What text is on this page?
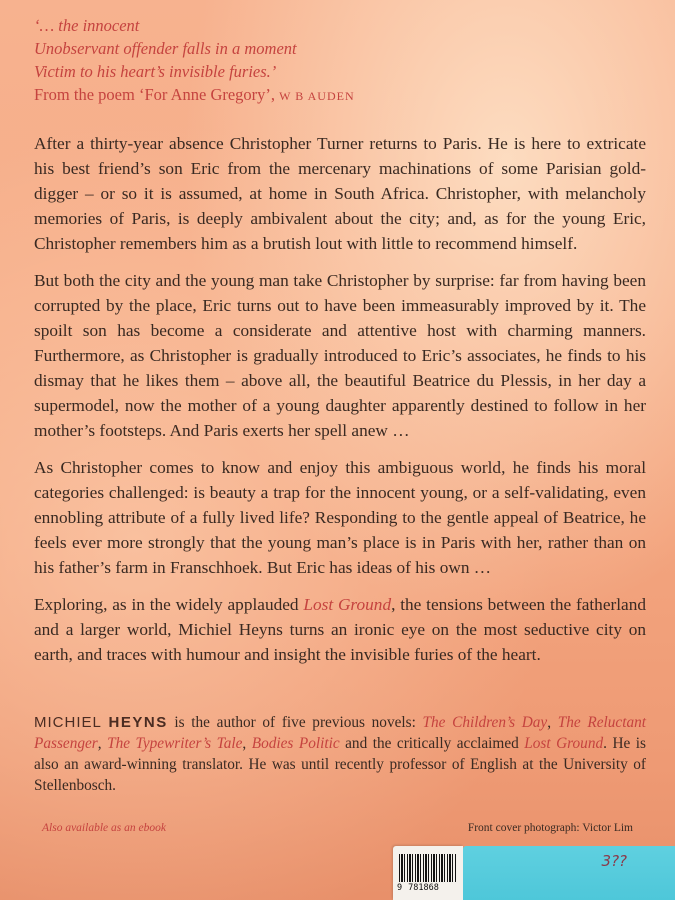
‘… the innocent
Unobservant offender falls in a moment
Victim to his heart’s invisible furies.’
From the poem ‘For Anne Gregory’, W B AUDEN

After a thirty-year absence Christopher Turner returns to Paris. He is here to extricate his best friend’s son Eric from the mercenary machinations of some Parisian gold-digger – or so it is assumed, at home in South Africa. Christopher, with melancholy memories of Paris, is deeply ambivalent about the city; and, as for the young Eric, Christopher remembers him as a brutish lout with little to recommend himself.

But both the city and the young man take Christopher by surprise: far from having been corrupted by the place, Eric turns out to have been immeasurably improved by it. The spoilt son has become a considerate and attentive host with charming manners. Furthermore, as Christopher is gradually introduced to Eric’s associates, he finds to his dismay that he likes them – above all, the beautiful Beatrice du Plessis, in her day a supermodel, now the mother of a young daughter apparently destined to follow in her mother’s footsteps. And Paris exerts her spell anew …

As Christopher comes to know and enjoy this ambiguous world, he finds his moral categories challenged: is beauty a trap for the innocent young, or a self-validating, even ennobling attribute of a fully lived life? Responding to the gentle appeal of Beatrice, he feels ever more strongly that the young man’s place is in Paris with her, rather than on his father’s farm in Franschhoek. But Eric has ideas of his own …

Exploring, as in the widely applauded Lost Ground, the tensions between the fatherland and a larger world, Michiel Heyns turns an ironic eye on the most seductive city on earth, and traces with humour and insight the invisible furies of the heart.

MICHIEL HEYNS is the author of five previous novels: The Children’s Day, The Reluctant Passenger, The Typewriter’s Tale, Bodies Politic and the critically acclaimed Lost Ground. He is also an award-winning translator. He was until recently professor of English at the University of Stellenbosch.
Also available as an ebook	Front cover photograph: Victor Lim
9 781868
3??
